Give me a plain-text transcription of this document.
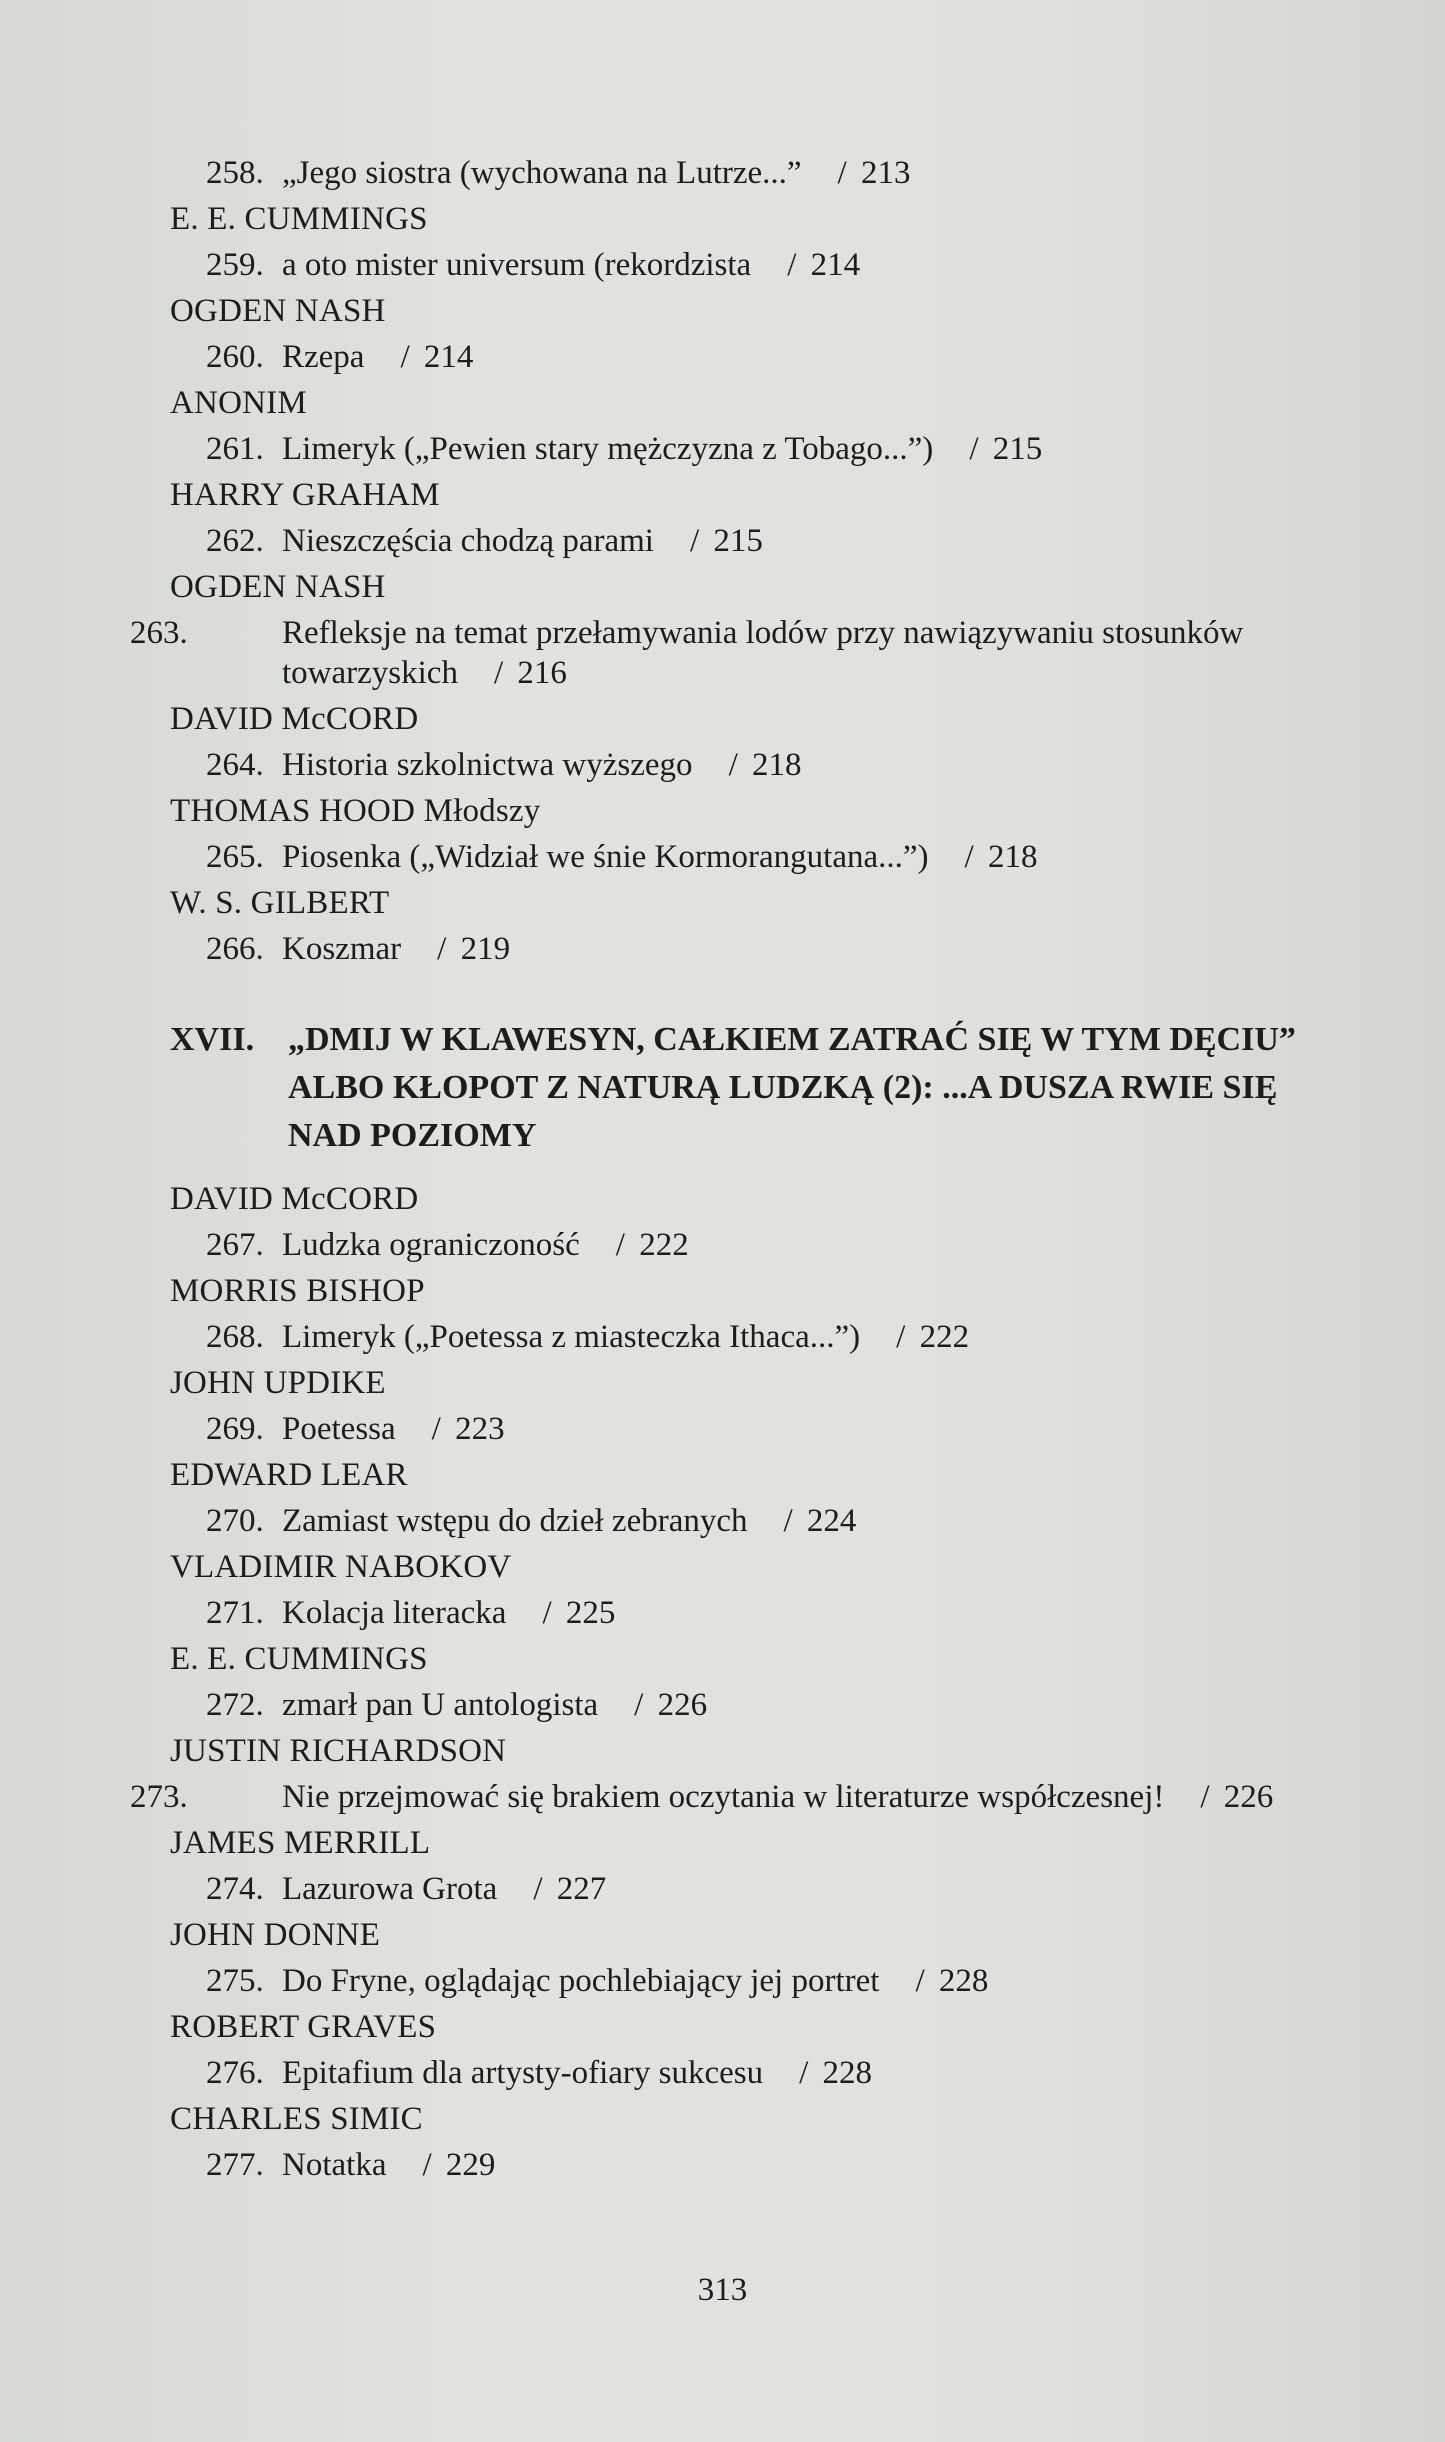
258. „Jego siostra (wychowana na Lutrze...” / 213
E. E. CUMMINGS
259. a oto mister universum (rekordzista / 214
OGDEN NASH
260. Rzepa / 214
ANONIM
261. Limeryk („Pewien stary mężczyzna z Tobago...”) / 215
HARRY GRAHAM
262. Nieszczęścia chodzą parami / 215
OGDEN NASH
263.	Refleksje na temat przełamywania lodów przy nawiązywaniu stosunków towarzyskich / 216
DAVID McCORD
264. Historia szkolnictwa wyższego / 218
THOMAS HOOD Młodszy
265. Piosenka („Widział we śnie Kormorangutana...”) / 218
W. S. GILBERT
266. Koszmar / 219
XVII. „DMIJ W KLAWESYN, CAŁKIEM ZATRAĆ SIĘ W TYM DĘCIU” ALBO KŁOPOT Z NATURĄ LUDZKĄ (2): ...A DUSZA RWIE SIĘ NAD POZIOMY
DAVID McCORD
267. Ludzka ograniczoność / 222
MORRIS BISHOP
268. Limeryk („Poetessa z miasteczka Ithaca...”) / 222
JOHN UPDIKE
269. Poetessa / 223
EDWARD LEAR
270. Zamiast wstępu do dzieł zebranych / 224
VLADIMIR NABOKOV
271. Kolacja literacka / 225
E. E. CUMMINGS
272. zmarł pan U antologista / 226
JUSTIN RICHARDSON
273.	Nie przejmować się brakiem oczytania w literaturze współczesnej! / 226
JAMES MERRILL
274. Lazurowa Grota / 227
JOHN DONNE
275. Do Fryne, oglądając pochlebiający jej portret / 228
ROBERT GRAVES
276. Epitafium dla artysty-ofiary sukcesu / 228
CHARLES SIMIC
277. Notatka / 229
313
